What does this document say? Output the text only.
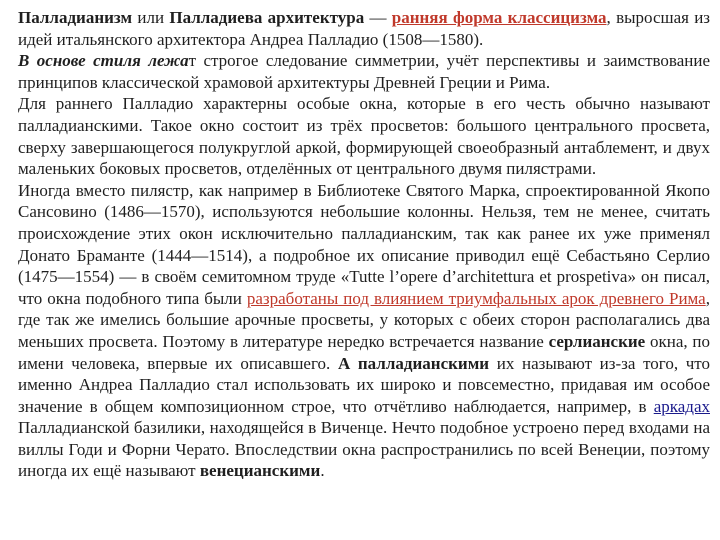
Палладианизм или Палладиева архитектура — ранняя форма классицизма, выросшая из идей итальянского архитектора Андреа Палладио (1508—1580).

В основе стиля лежат строгое следование симметрии, учёт перспективы и заимствование принципов классической храмовой архитектуры Древней Греции и Рима.

Для раннего Палладио характерны особые окна, которые в его честь обычно называют палладианскими. Такое окно состоит из трёх просветов: большого центрального просвета, сверху завершающегося полукруглой аркой, формирующей своеобразный антаблемент, и двух маленьких боковых просветов, отделённых от центрального двумя пилястрами.

Иногда вместо пилястр, как например в Библиотеке Святого Марка, спроектированной Якопо Сансовино (1486—1570), используются небольшие колонны. Нельзя, тем не менее, считать происхождение этих окон исключительно палладианским, так как ранее их уже применял Донато Браманте (1444—1514), а подробное их описание приводил ещё Себастьяно Серлио (1475—1554) — в своём семитомном труде «Tutte l’opere d’architettura et prospetiva» он писал, что окна подобного типа были разработаны под влиянием триумфальных арок древнего Рима, где так же имелись большие арочные просветы, у которых с обеих сторон располагались два меньших просвета. Поэтому в литературе нередко встречается название серлианские окна, по имени человека, впервые их описавшего. А палладианскими их называют из-за того, что именно Андреа Палладио стал использовать их широко и повсеместно, придавая им особое значение в общем композиционном строе, что отчётливо наблюдается, например, в аркадах Палладианской базилики, находящейся в Виченце. Нечто подобное устроено перед входами на виллы Годи и Форни Черато. Впоследствии окна распространились по всей Венеции, поэтому иногда их ещё называют венецианскими.
